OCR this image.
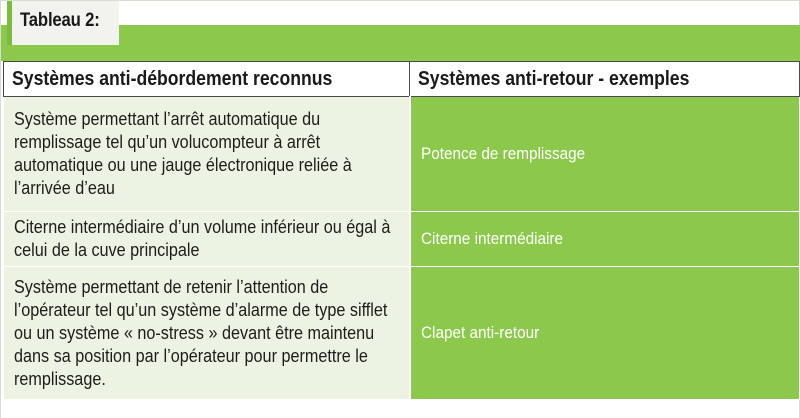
Tableau 2:
Systèmes anti-débordement reconnus	Systèmes anti-retour - exemples
Système permettant l’arrêt automatique du remplissage tel qu’un volucompteur à arrêt automatique ou une jauge électronique reliée à l’arrivée d’eau	Potence de remplissage
Citerne intermédiaire d’un volume inférieur ou égal à celui de la cuve principale	Citerne intermédiaire
Système permettant de retenir l’attention de l’opérateur tel qu’un système d’alarme de type sifflet ou un système « no-stress » devant être maintenu dans sa position par l’opérateur pour permettre le remplissage.	Clapet anti-retour
